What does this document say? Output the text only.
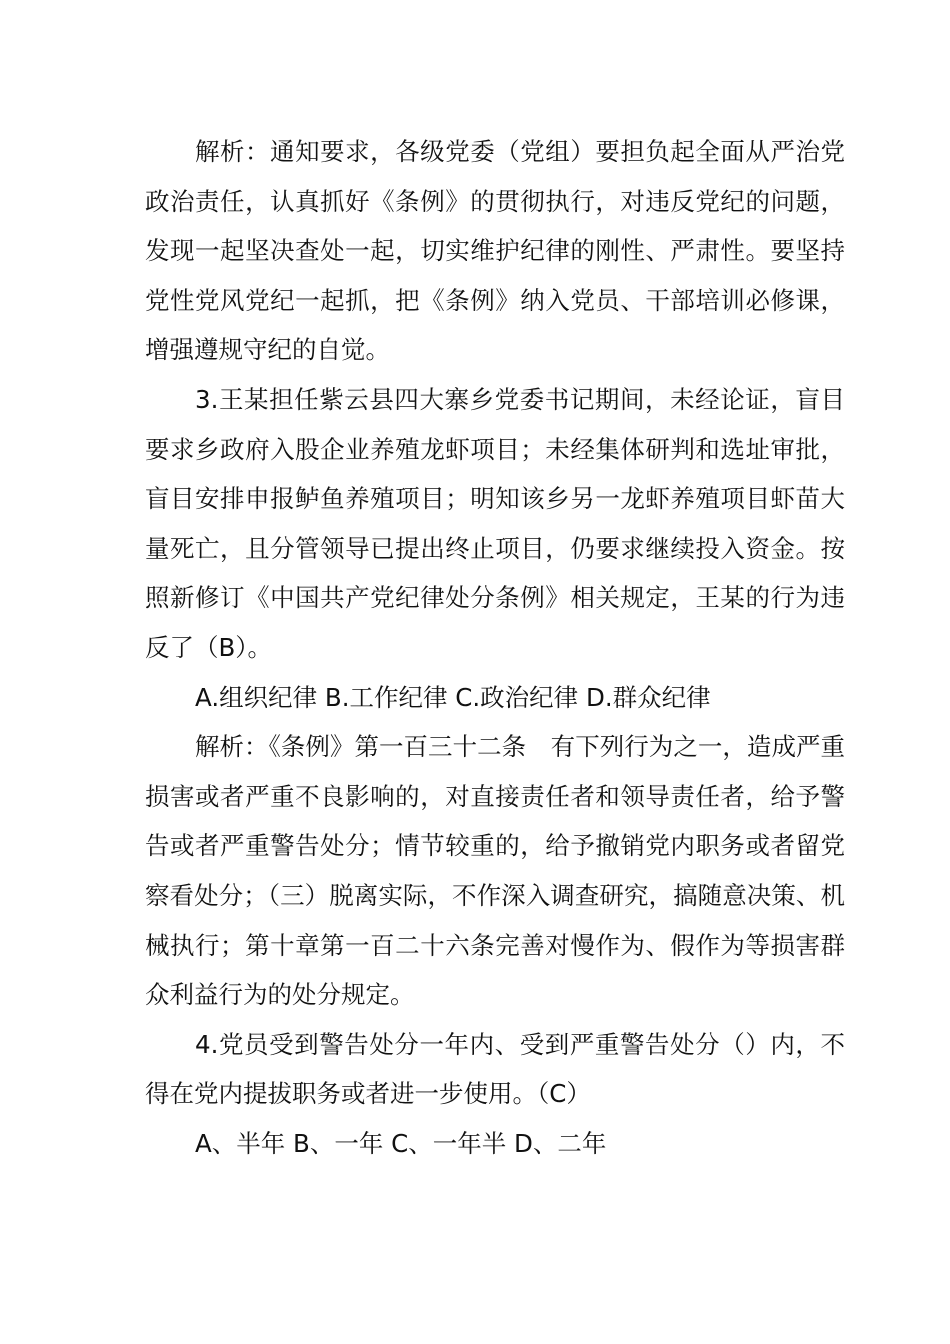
解析：通知要求，各级党委（党组）要担负起全面从严治党政治责任，认真抓好《条例》的贯彻执行，对违反党纪的问题，发现一起坚决查处一起，切实维护纪律的刚性、严肃性。要坚持党性党风党纪一起抓，把《条例》纳入党员、干部培训必修课，增强遵规守纪的自觉。

3.王某担任紫云县四大寨乡党委书记期间，未经论证，盲目要求乡政府入股企业养殖龙虾项目；未经集体研判和选址审批，盲目安排申报鲈鱼养殖项目；明知该乡另一龙虾养殖项目虾苗大量死亡，且分管领导已提出终止项目，仍要求继续投入资金。按照新修订《中国共产党纪律处分条例》相关规定，王某的行为违反了（B）。

A.组织纪律 B.工作纪律 C.政治纪律 D.群众纪律

解析：《条例》第一百三十二条　有下列行为之一，造成严重损害或者严重不良影响的，对直接责任者和领导责任者，给予警告或者严重警告处分；情节较重的，给予撤销党内职务或者留党察看处分；（三）脱离实际，不作深入调查研究，搞随意决策、机械执行；第十章第一百二十六条完善对慢作为、假作为等损害群众利益行为的处分规定。

4.党员受到警告处分一年内、受到严重警告处分（）内，不得在党内提拔职务或者进一步使用。（C）

A、半年 B、一年 C、一年半 D、二年
